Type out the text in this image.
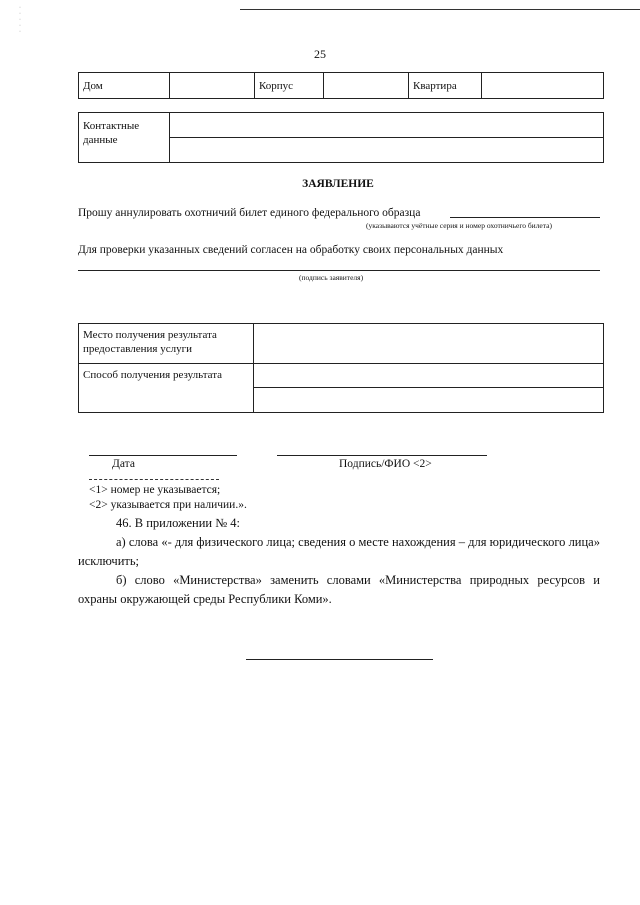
·
·
·
·
·
25
Дом		Корпус		Квартира	
Контактные данные	

ЗАЯВЛЕНИЕ
Прошу аннулировать охотничий билет единого федерального образца
(указываются учётные серия и номер охотничьего билета)
Для проверки указанных сведений согласен на обработку своих персональных данных
(подпись заявителя)
Место получения результата предоставления услуги	
Способ получения результата	

Дата	Подпись/ФИО <2>
<1> номер не указывается;
<2> указывается при наличии.».
46. В приложении № 4:
а) слова «- для физического лица; сведения о месте нахождения – для юридического лица» исключить;
б) слово «Министерства» заменить словами «Министерства природных ресурсов и охраны окружающей среды Республики Коми».
